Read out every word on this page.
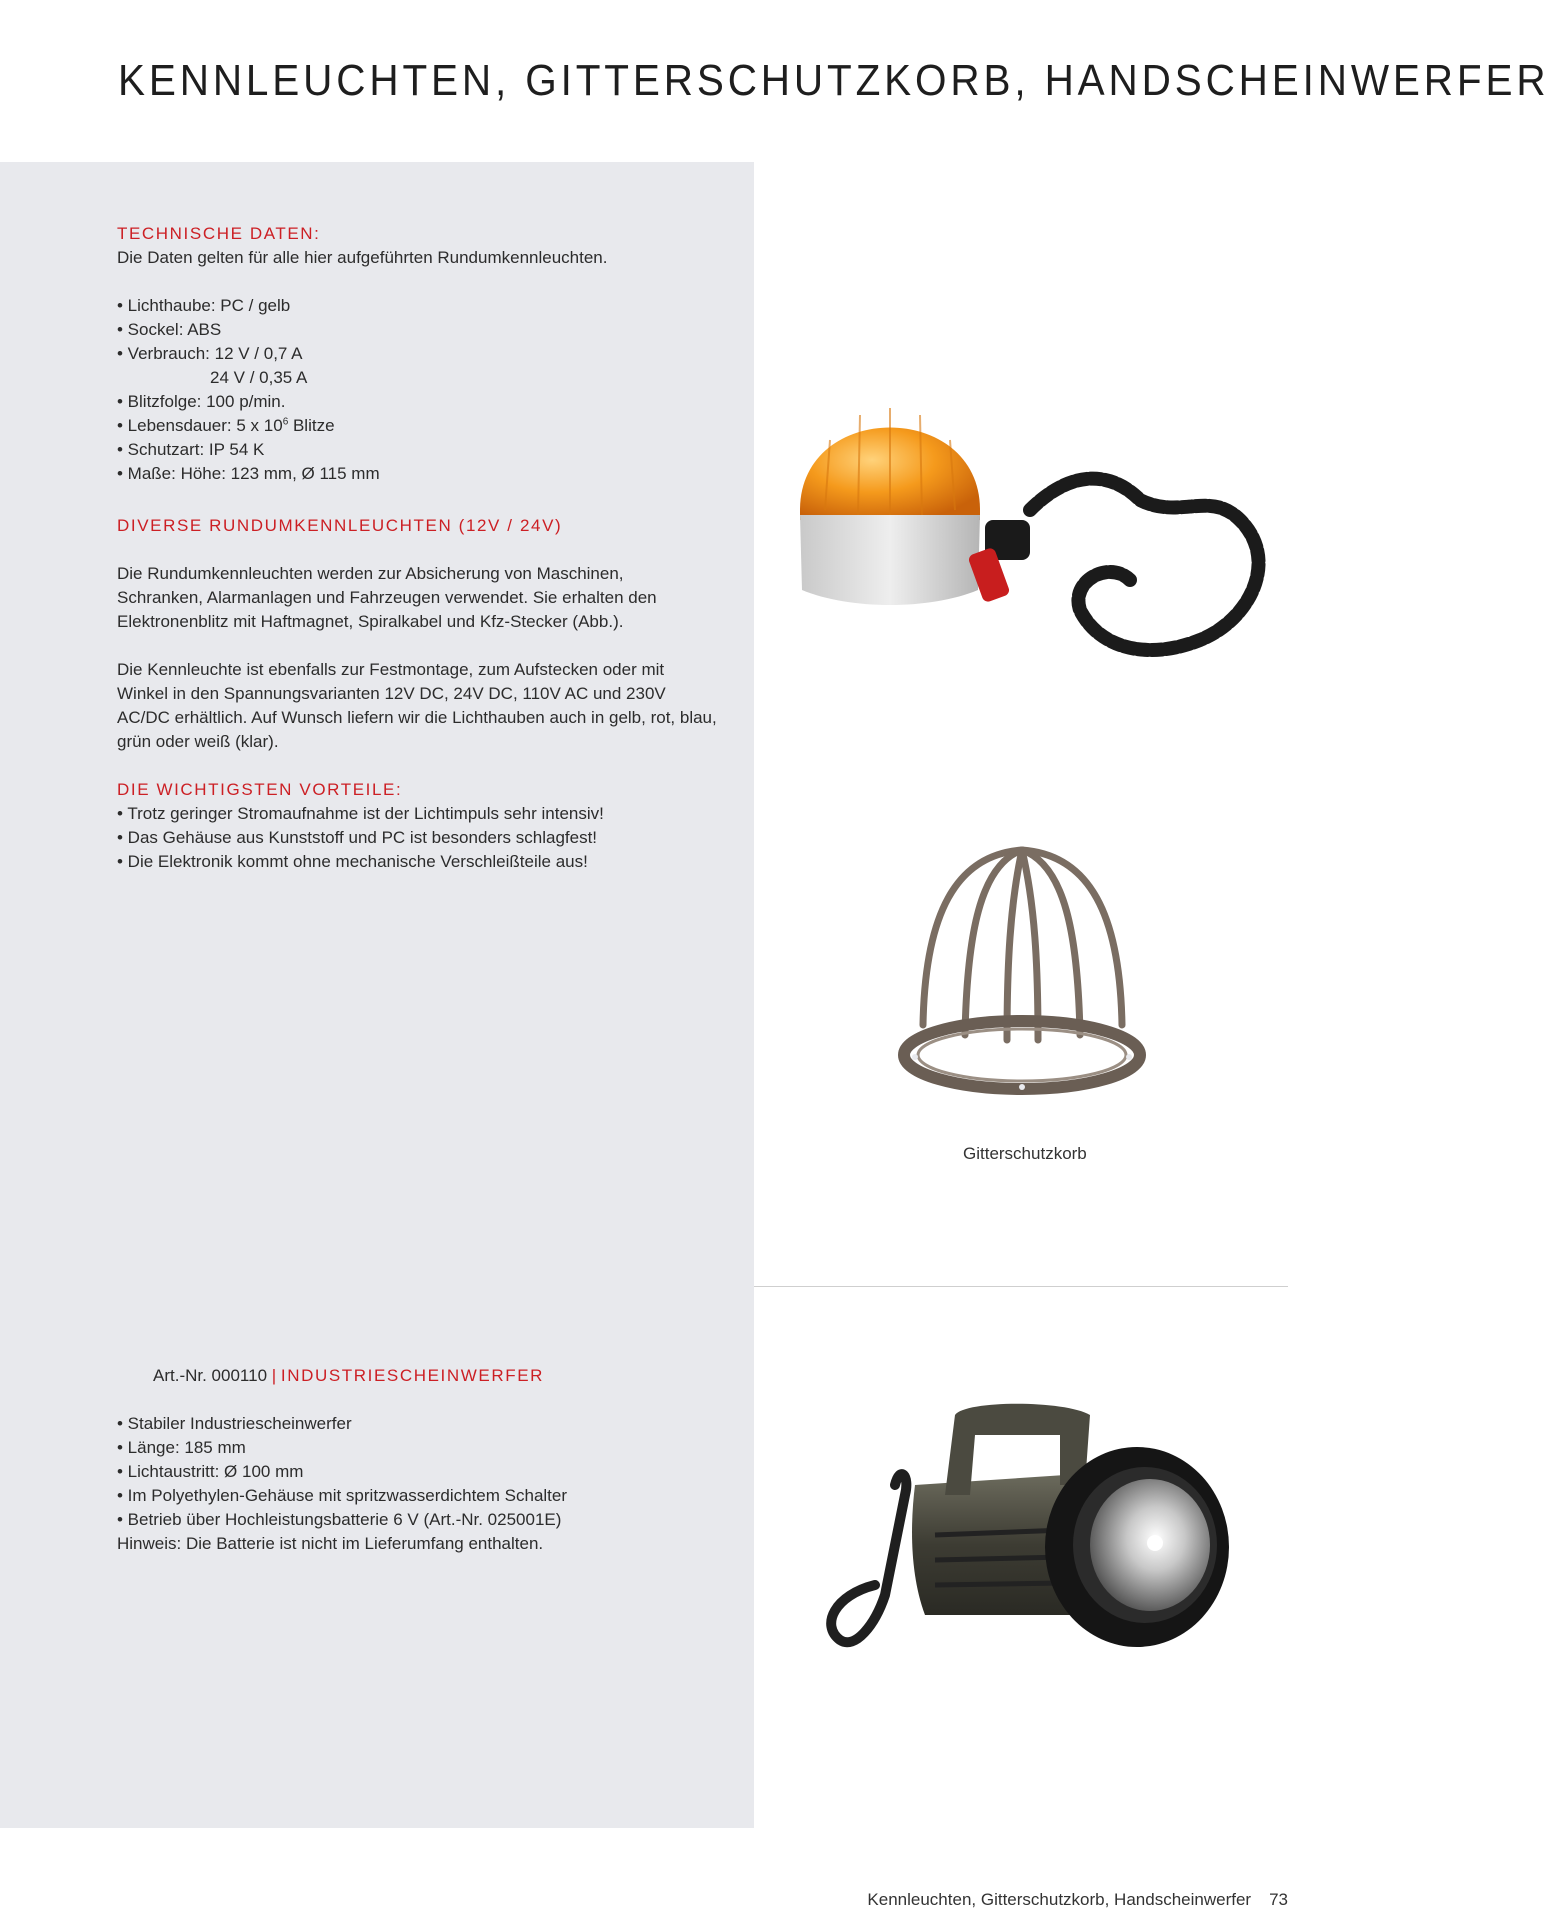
KENNLEUCHTEN, GITTERSCHUTZKORB, HANDSCHEINWERFER
TECHNISCHE DATEN:

Die Daten gelten für alle hier aufgeführten Rundumkennleuchten.

• Lichthaube: PC / gelb
• Sockel: ABS
• Verbrauch: 12 V / 0,7 A
24 V / 0,35 A
• Blitzfolge: 100 p/min.
• Lebensdauer: 5 x $10^6$ Blitze
• Schutzart: IP 54 K
• Maße: Höhe: 123 mm, Ø 115 mm
DIVERSE RUNDUMKENNLEUCHTEN (12V / 24V)

Die Rundumkennleuchten werden zur Absicherung von Maschinen, Schranken, Alarmanlagen und Fahrzeugen verwendet. Sie erhalten den Elektronenblitz mit Haftmagnet, Spiralkabel und Kfz-Stecker (Abb.).

Die Kennleuchte ist ebenfalls zur Festmontage, zum Aufstecken oder mit Winkel in den Spannungsvarianten 12V DC, 24V DC, 110V AC und 230V AC/DC erhältlich. Auf Wunsch liefern wir die Lichthauben auch in gelb, rot, blau, grün oder weiß (klar).

DIE WICHTIGSTEN VORTEILE:
• Trotz geringer Stromaufnahme ist der Lichtimpuls sehr intensiv!
• Das Gehäuse aus Kunststoff und PC ist besonders schlagfest!
• Die Elektronik kommt ohne mechanische Verschleißteile aus!
Art.-Nr. 000110 | INDUSTRIESCHEINWERFER
• Stabiler Industriescheinwerfer
• Länge: 185 mm
• Lichtaustritt: Ø 100 mm
• Im Polyethylen-Gehäuse mit spritzwasserdichtem Schalter
• Betrieb über Hochleistungsbatterie 6 V (Art.-Nr. 025001E)
Hinweis: Die Batterie ist nicht im Lieferumfang enthalten.
Gitterschutzkorb
Kennleuchten, Gitterschutzkorb, Handscheinwerfer 73
